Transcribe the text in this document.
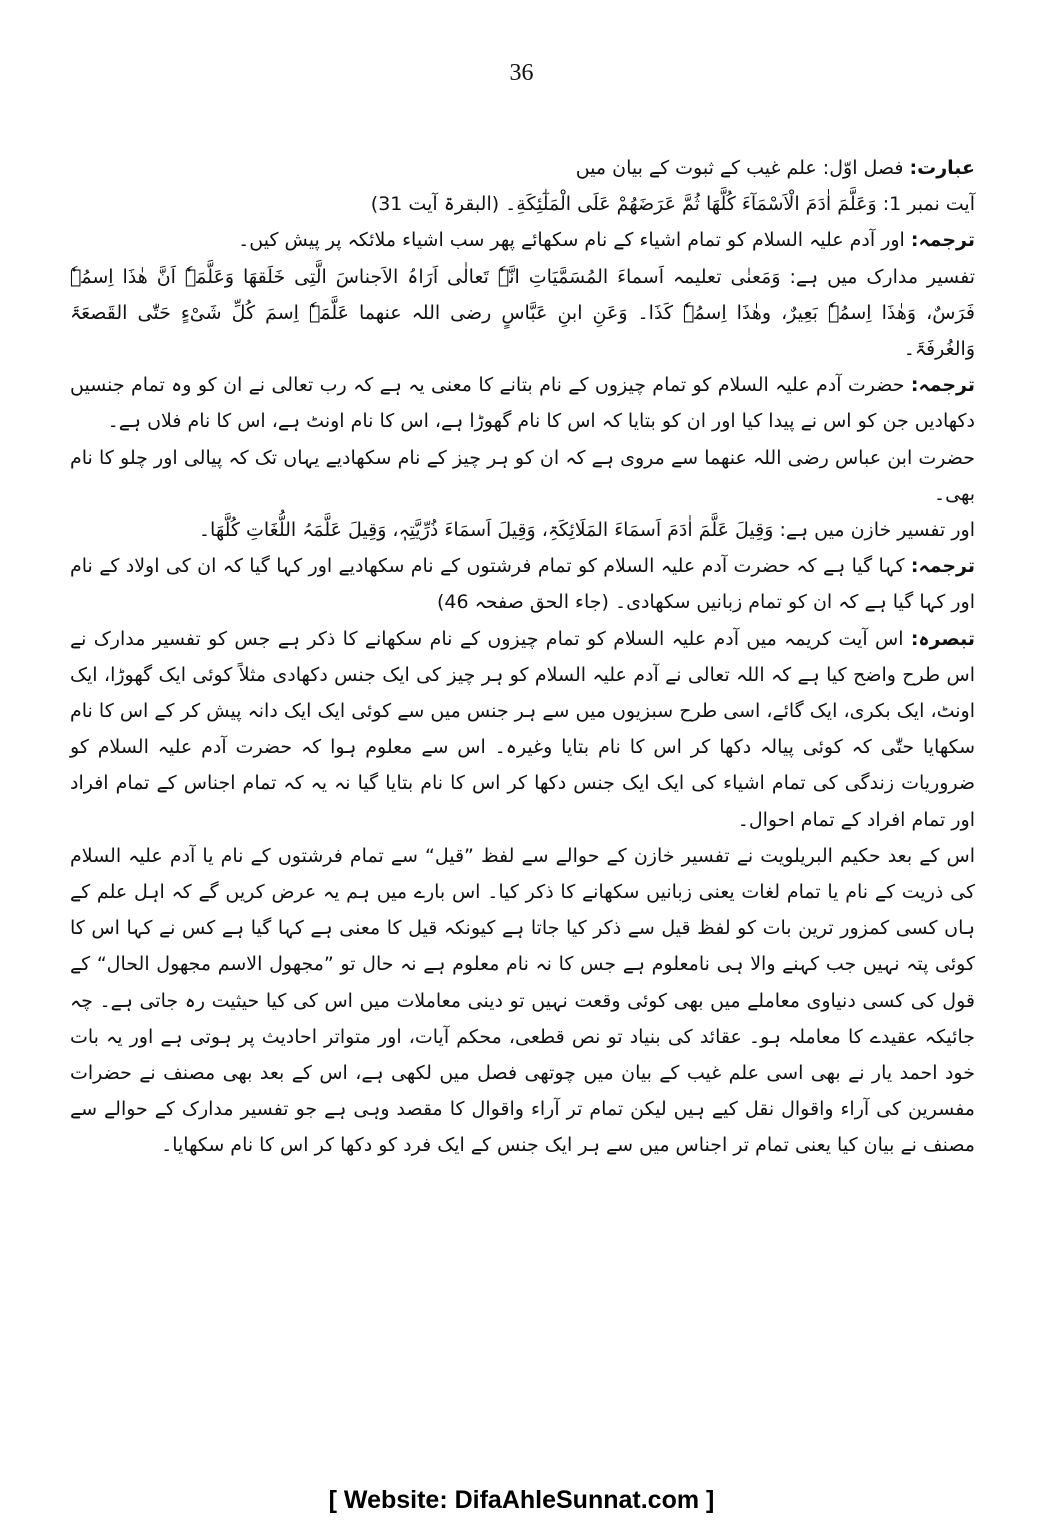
36

عبارت: فصل اوّل: علم غیب کے ثبوت کے بیان میں

آیت نمبر 1: وَعَلَّمَ اٰدَمَ الْاَسْمَآءَ كُلَّهَا ثُمَّ عَرَضَهُمْ عَلَى الْمَلٰٓئِكَةِ۔ (البقرۃ آیت 31)

ترجمہ: اور آدم علیہ السلام کو تمام اشیاء کے نام سکھائے پھر سب اشیاء ملائکہ پر پیش کیں۔

تفسیر مدارک میں ہے: وَمَعنٰی تعلیمہ اَسماءَ المُسَمَّیَاتِ انَّہٗ تَعالٰی اَرَاہُ الاَجناسَ الَّتِی خَلَقھَا وَعَلَّمَہٗ اَنَّ ھٰذَا اِسمُہٗ فَرَسٌ، وَھٰذَا اِسمُہٗ بَعِیرٌ، وھٰذَا اِسمُہٗ کَذَا۔ وَعَنِ ابنِ عَبَّاسٍ رضی اللہ عنھما عَلَّمَہٗ اِسمَ کُلِّ شَیْءٍ حَتّٰی القَصعَۃَ وَالغُرفَۃَ۔

ترجمہ: حضرت آدم علیہ السلام کو تمام چیزوں کے نام بتانے کا معنی یہ ہے کہ رب تعالی نے ان کو وہ تمام جنسیں دکھادیں جن کو اس نے پیدا کیا اور ان کو بتایا کہ اس کا نام گھوڑا ہے، اس کا نام اونٹ ہے، اس کا نام فلاں ہے۔

حضرت ابن عباس رضی اللہ عنھما سے مروی ہے کہ ان کو ہر چیز کے نام سکھادیے یہاں تک کہ پیالی اور چلو کا نام بھی۔

اور تفسیر خازن میں ہے: وَقِیلَ عَلَّمَ اٰدَمَ اَسمَاءَ المَلَائِکَۃِ، وَقِیلَ اَسمَاءَ ذُرِّیَّتِہٖ، وَقِیلَ عَلَّمَہُ اللُّغَاتِ کُلَّھَا۔

ترجمہ: کہا گیا ہے کہ حضرت آدم علیہ السلام کو تمام فرشتوں کے نام سکھادیے اور کہا گیا کہ ان کی اولاد کے نام اور کہا گیا ہے کہ ان کو تمام زبانیں سکھادی۔ (جاء الحق صفحہ 46)

تبصرہ: اس آیت کریمہ میں آدم علیہ السلام کو تمام چیزوں کے نام سکھانے کا ذکر ہے جس کو تفسیر مدارک نے اس طرح واضح کیا ہے کہ اللہ تعالی نے آدم علیہ السلام کو ہر چیز کی ایک جنس دکھادی مثلاً کوئی ایک گھوڑا، ایک اونٹ، ایک بکری، ایک گائے، اسی طرح سبزیوں میں سے ہر جنس میں سے کوئی ایک ایک دانہ پیش کر کے اس کا نام سکھایا حتّٰی کہ کوئی پیالہ دکھا کر اس کا نام بتایا وغیرہ۔ اس سے معلوم ہوا کہ حضرت آدم علیہ السلام کو ضروریات زندگی کی تمام اشیاء کی ایک ایک جنس دکھا کر اس کا نام بتایا گیا نہ یہ کہ تمام اجناس کے تمام افراد اور تمام افراد کے تمام احوال۔

اس کے بعد حکیم البریلویت نے تفسیر خازن کے حوالے سے لفظ ”قیل“ سے تمام فرشتوں کے نام یا آدم علیہ السلام کی ذریت کے نام یا تمام لغات یعنی زبانیں سکھانے کا ذکر کیا۔ اس بارے میں ہم یہ عرض کریں گے کہ اہل علم کے ہاں کسی کمزور ترین بات کو لفظ قیل سے ذکر کیا جاتا ہے کیونکہ قیل کا معنی ہے کہا گیا ہے کس نے کہا اس کا کوئی پتہ نہیں جب کہنے والا ہی نامعلوم ہے جس کا نہ نام معلوم ہے نہ حال تو ”مجھول الاسم مجھول الحال“ کے قول کی کسی دنیاوی معاملے میں بھی کوئی وقعت نہیں تو دینی معاملات میں اس کی کیا حیثیت رہ جاتی ہے۔ چہ جائیکہ عقیدے کا معاملہ ہو۔ عقائد کی بنیاد تو نص قطعی، محکم آیات، اور متواتر احادیث پر ہوتی ہے اور یہ بات خود احمد یار نے بھی اسی علم غیب کے بیان میں چوتھی فصل میں لکھی ہے، اس کے بعد بھی مصنف نے حضرات مفسرین کی آراء واقوال نقل کیے ہیں لیکن تمام تر آراء واقوال کا مقصد وہی ہے جو تفسیر مدارک کے حوالے سے مصنف نے بیان کیا یعنی تمام تر اجناس میں سے ہر ایک جنس کے ایک فرد کو دکھا کر اس کا نام سکھایا۔

[ Website: DifaAhleSunnat.com ]
